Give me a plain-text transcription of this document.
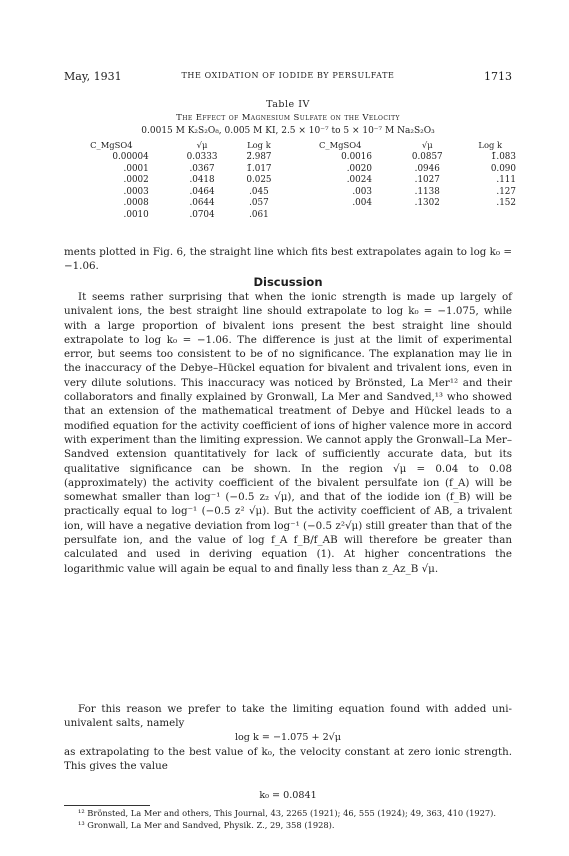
May, 1931	THE OXIDATION OF IODIDE BY PERSULFATE	1713
Table IV
The Effect of Magnesium Sulfate on the Velocity
0.0015 M K₂S₂O₈, 0.005 M KI, 2.5 × 10⁻⁷ to 5 × 10⁻⁷ M Na₂S₂O₃
C_MgSO4	√μ	Log k	C_MgSO4	√μ	Log k
0.00004	0.0333	2̄.987	0.0016	0.0857	1̄.083
.0001	.0367	1̄.017	.0020	.0946	0.090
.0002	.0418	0.025	.0024	.1027	.111
.0003	.0464	.045	.003	.1138	.127
.0008	.0644	.057	.004	.1302	.152
.0010	.0704	.061			
ments plotted in Fig. 6, the straight line which fits best extrapolates again to log k₀ = −1.06.
Discussion
It seems rather surprising that when the ionic strength is made up largely of univalent ions, the best straight line should extrapolate to log k₀ = −1.075, while with a large proportion of bivalent ions present the best straight line should extrapolate to log k₀ = −1.06. The difference is just at the limit of experimental error, but seems too consistent to be of no significance. The explanation may lie in the inaccuracy of the Debye–Hückel equation for bivalent and trivalent ions, even in very dilute solutions. This inaccuracy was noticed by Brönsted, La Mer¹² and their collaborators and finally explained by Gronwall, La Mer and Sandved,¹³ who showed that an extension of the mathematical treatment of Debye and Hückel leads to a modified equation for the activity coefficient of ions of higher valence more in accord with experiment than the limiting expression. We cannot apply the Gronwall–La Mer–Sandved extension quantitatively for lack of sufficiently accurate data, but its qualitative significance can be shown. In the region √μ = 0.04 to 0.08 (approximately) the activity coefficient of the bivalent persulfate ion (f_A) will be somewhat smaller than log⁻¹ (−0.5 z₂ √μ), and that of the iodide ion (f_B) will be practically equal to log⁻¹ (−0.5 z² √μ). But the activity coefficient of AB, a trivalent ion, will have a negative deviation from log⁻¹ (−0.5 z²√μ) still greater than that of the persulfate ion, and the value of log f_A f_B/f_AB will therefore be greater than calculated and used in deriving equation (1). At higher concentrations the logarithmic value will again be equal to and finally less than z_Az_B √μ.
For this reason we prefer to take the limiting equation found with added uni-univalent salts, namely
log k = −1.075 + 2√μ
as extrapolating to the best value of k₀, the velocity constant at zero ionic strength. This gives the value
k₀ = 0.0841

¹² Brönsted, La Mer and others, This Journal, 43, 2265 (1921); 46, 555 (1924); 49, 363, 410 (1927).

¹³ Gronwall, La Mer and Sandved, Physik. Z., 29, 358 (1928).
